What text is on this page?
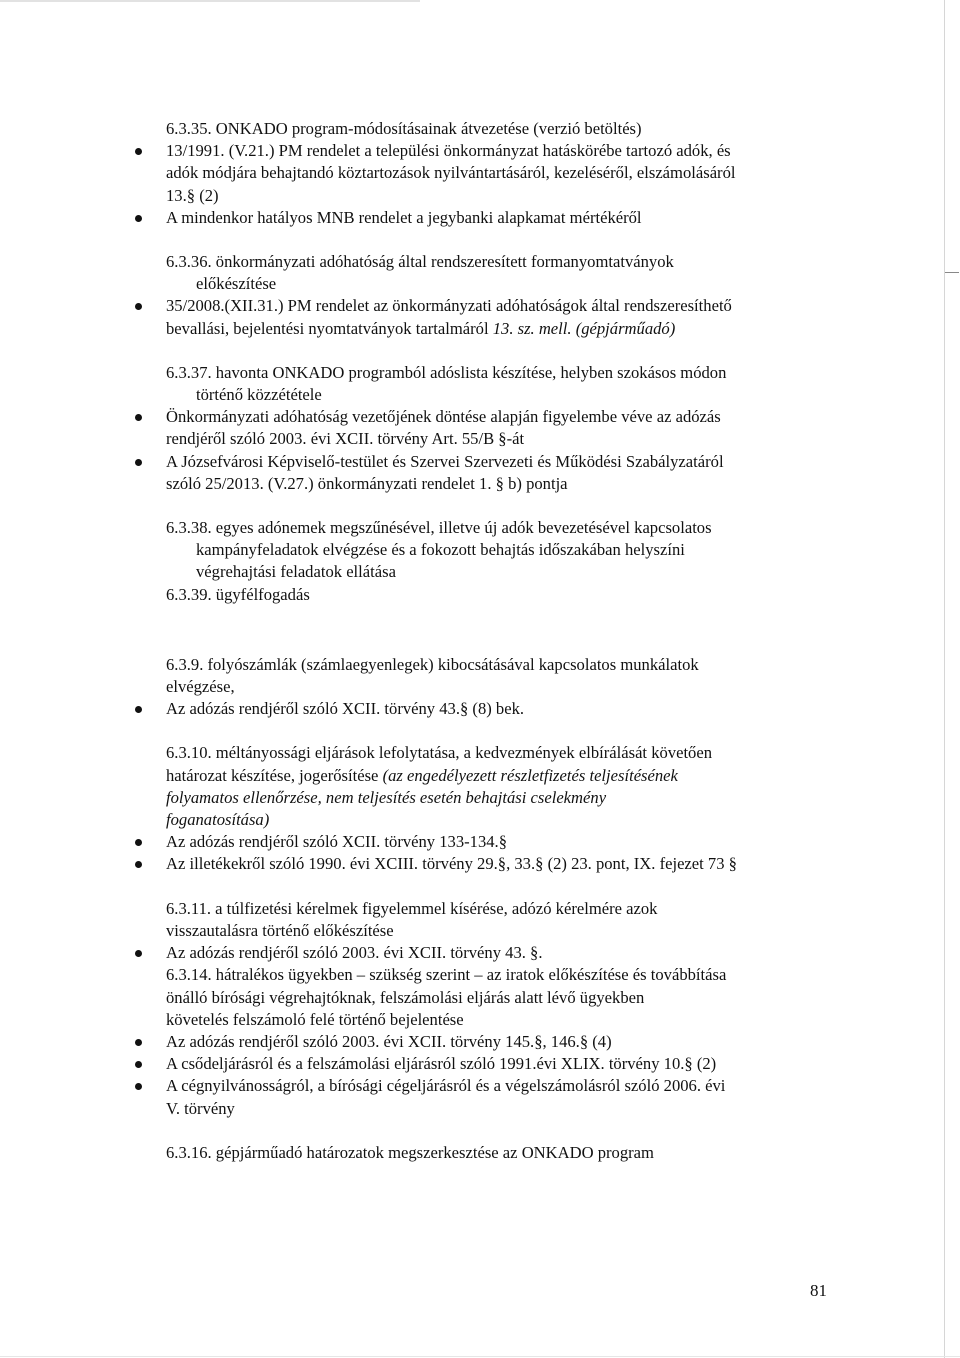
6.3.35. ONKADO program-módosításainak átvezetése (verzió betöltés)
13/1991. (V.21.) PM rendelet a települési önkormányzat hatáskörébe tartozó adók, és
adók módjára behajtandó köztartozások nyilvántartásáról, kezeléséről, elszámolásáról
13.§ (2)
A mindenkor hatályos MNB rendelet a jegybanki alapkamat mértékéről
6.3.36. önkormányzati adóhatóság által rendszeresített formanyomtatványok
előkészítése
35/2008.(XII.31.) PM rendelet az önkormányzati adóhatóságok által rendszeresíthető
bevallási, bejelentési nyomtatványok tartalmáról 13. sz. mell. (gépjárműadó)
6.3.37. havonta ONKADO programból adóslista készítése, helyben szokásos módon
történő közzététele
Önkormányzati adóhatóság vezetőjének döntése alapján figyelembe véve az adózás
rendjéről szóló 2003. évi XCII. törvény Art. 55/B §-át
A Józsefvárosi Képviselő-testület és Szervei Szervezeti és Működési Szabályzatáról
szóló 25/2013. (V.27.) önkormányzati rendelet 1. § b) pontja
6.3.38. egyes adónemek megszűnésével, illetve új adók bevezetésével kapcsolatos
kampányfeladatok elvégzése és a fokozott behajtás időszakában helyszíni
végrehajtási feladatok ellátása
6.3.39. ügyfélfogadás
6.3.9. folyószámlák (számlaegyenlegek) kibocsátásával kapcsolatos munkálatok
elvégzése,
Az adózás rendjéről szóló XCII. törvény 43.§ (8) bek.
6.3.10. méltányossági eljárások lefolytatása, a kedvezmények elbírálását követően
határozat készítése, jogerősítése (az engedélyezett részletfizetés teljesítésének
folyamatos ellenőrzése, nem teljesítés esetén behajtási cselekmény
foganatosítása)
Az adózás rendjéről szóló XCII. törvény 133-134.§
Az illetékekről szóló 1990. évi XCIII. törvény 29.§, 33.§ (2) 23. pont, IX. fejezet 73 §
6.3.11. a túlfizetési kérelmek figyelemmel kísérése, adózó kérelmére azok
visszautalásra történő előkészítése
Az adózás rendjéről szóló 2003. évi XCII. törvény 43. §.
6.3.14. hátralékos ügyekben – szükség szerint – az iratok előkészítése és továbbítása
önálló bírósági végrehajtóknak, felszámolási eljárás alatt lévő ügyekben
követelés felszámoló felé történő bejelentése
Az adózás rendjéről szóló 2003. évi XCII. törvény 145.§, 146.§ (4)
A csődeljárásról és a felszámolási eljárásról szóló 1991.évi XLIX. törvény 10.§ (2)
A cégnyilvánosságról, a bírósági cégeljárásról és a végelszámolásról szóló 2006. évi
V. törvény
6.3.16. gépjárműadó határozatok megszerkesztése az ONKADO program
81
